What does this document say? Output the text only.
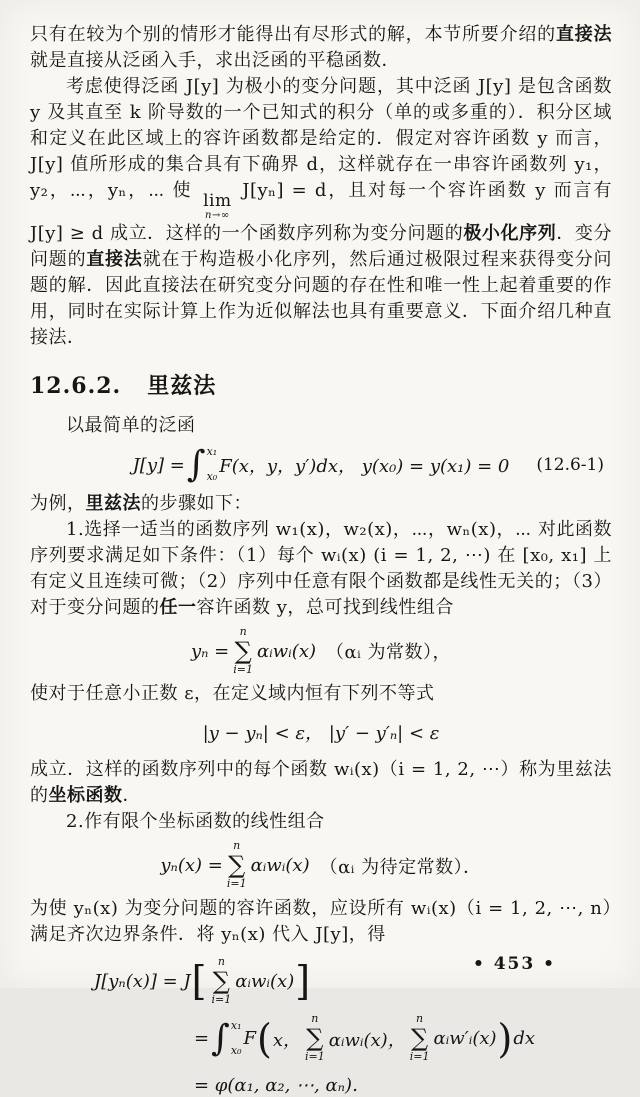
只有在较为个别的情形才能得出有尽形式的解，本节所要介绍的直接法就是直接从泛函入手，求出泛函的平稳函数．

考虑使得泛函 J[y] 为极小的变分问题，其中泛函 J[y] 是包含函数 y 及其直至 k 阶导数的一个已知式的积分（单的或多重的）．积分区域和定义在此区域上的容许函数都是给定的．假定对容许函数 y 而言，J[y] 值所形成的集合具有下确界 d，这样就存在一串容许函数列 y₁，y₂，⋯，yₙ，⋯ 使 lim
n→∞
J[yₙ] = d，且对每一个容许函数 y 而言有 J[y] ≥ d 成立．这样的一个函数序列称为变分问题的极小化序列．变分问题的直接法就在于构造极小化序列，然后通过极限过程来获得变分问题的解．因此直接法在研究变分问题的存在性和唯一性上起着重要的作用，同时在实际计算上作为近似解法也具有重要意义．下面介绍几种直接法．

12.6.2. 里兹法

以最简单的泛函

J[y] = ∫ x₁
x₀ F(x，y，y′)dx， y(x₀) = y(x₁) = 0 (12.6-1)

为例，里兹法的步骤如下：

1.选择一适当的函数序列 w₁(x)，w₂(x)，⋯，wₙ(x)，⋯ 对此函数序列要求满足如下条件：（1）每个 wᵢ(x) (i = 1, 2, ⋯) 在 [x₀, x₁] 上有定义且连续可微；（2）序列中任意有限个函数都是线性无关的；（3）对于变分问题的任一容许函数 y，总可找到线性组合

yₙ =
n
∑
i=1
αᵢwᵢ(x) （αᵢ 为常数），

使对于任意小正数 ε，在定义域内恒有下列不等式

|y − yₙ| < ε， |y′ − y′ₙ| < ε

成立．这样的函数序列中的每个函数 wᵢ(x)（i = 1, 2, ⋯）称为里兹法的坐标函数．

2.作有限个坐标函数的线性组合

yₙ(x) =
n
∑
i=1
αᵢwᵢ(x) （αᵢ 为待定常数）．

为使 yₙ(x) 为变分问题的容许函数，应设所有 wᵢ(x)（i = 1, 2, ⋯, n）满足齐次边界条件．将 yₙ(x) 代入 J[y]，得

J[yₙ(x)] = J [ n
∑
i=1
αᵢwᵢ(x) ]
= ∫ x₁
x₀
F ( x，
n
∑
i=1
αᵢwᵢ(x)，
n
∑
i=1
αᵢw′ᵢ(x) ) dx
= φ(α₁, α₂, ⋯, αₙ)．
• 453 •
